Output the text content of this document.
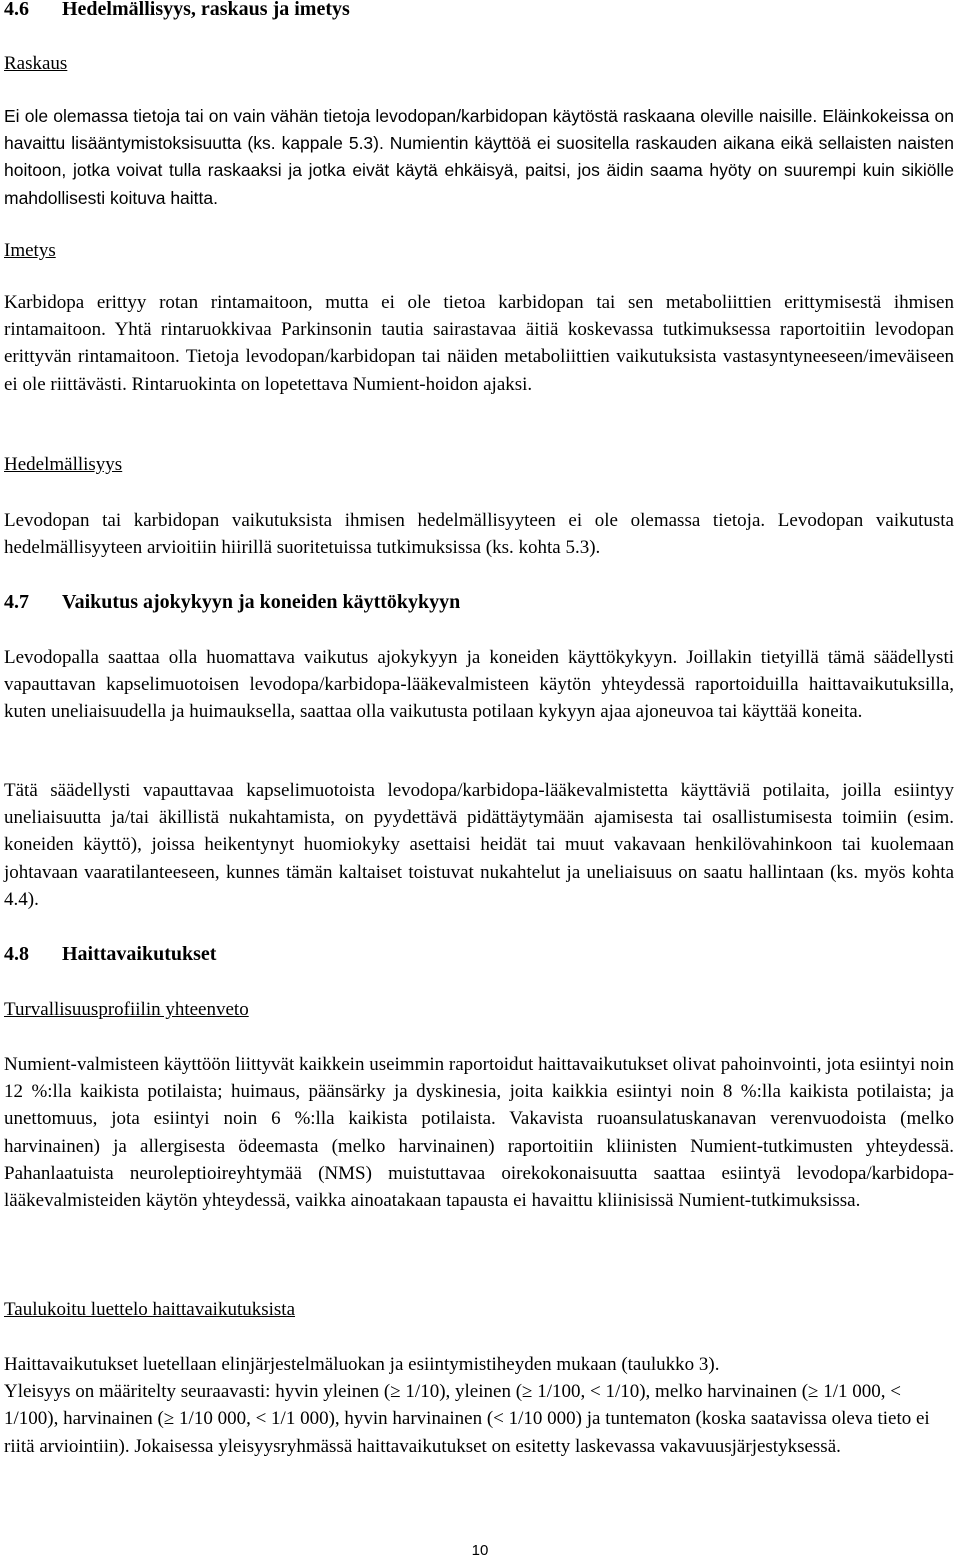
4.6 Hedelmällisyys, raskaus ja imetys
Raskaus

Ei ole olemassa tietoja tai on vain vähän tietoja levodopan/karbidopan käytöstä raskaana oleville naisille. Eläinkokeissa on havaittu lisääntymistoksisuutta (ks. kappale 5.3). Numientin käyttöä ei suositella raskauden aikana eikä sellaisten naisten hoitoon, jotka voivat tulla raskaaksi ja jotka eivät käytä ehkäisyä, paitsi, jos äidin saama hyöty on suurempi kuin sikiölle mahdollisesti koituva haitta.

Imetys

Karbidopa erittyy rotan rintamaitoon, mutta ei ole tietoa karbidopan tai sen metaboliittien erittymisestä ihmisen rintamaitoon. Yhtä rintaruokkivaa Parkinsonin tautia sairastavaa äitiä koskevassa tutkimuksessa raportoitiin levodopan erittyvän rintamaitoon. Tietoja levodopan/karbidopan tai näiden metaboliittien vaikutuksista vastasyntyneeseen/imeväiseen ei ole riittävästi. Rintaruokinta on lopetettava Numient-hoidon ajaksi.

Hedelmällisyys

Levodopan tai karbidopan vaikutuksista ihmisen hedelmällisyyteen ei ole olemassa tietoja. Levodopan vaikutusta hedelmällisyyteen arvioitiin hiirillä suoritetuissa tutkimuksissa (ks. kohta 5.3).

4.7 Vaikutus ajokykyyn ja koneiden käyttökykyyn

Levodopalla saattaa olla huomattava vaikutus ajokykyyn ja koneiden käyttökykyyn. Joillakin tietyillä tämä säädellysti vapauttavan kapselimuotoisen levodopa/karbidopa-lääkevalmisteen käytön yhteydessä raportoiduilla haittavaikutuksilla, kuten uneliaisuudella ja huimauksella, saattaa olla vaikutusta potilaan kykyyn ajaa ajoneuvoa tai käyttää koneita.

Tätä säädellysti vapauttavaa kapselimuotoista levodopa/karbidopa-lääkevalmistetta käyttäviä potilaita, joilla esiintyy uneliaisuutta ja/tai äkillistä nukahtamista, on pyydettävä pidättäytymään ajamisesta tai osallistumisesta toimiin (esim. koneiden käyttö), joissa heikentynyt huomiokyky asettaisi heidät tai muut vakavaan henkilövahinkoon tai kuolemaan johtavaan vaaratilanteeseen, kunnes tämän kaltaiset toistuvat nukahtelut ja uneliaisuus on saatu hallintaan (ks. myös kohta 4.4).

4.8 Haittavaikutukset
Turvallisuusprofiilin yhteenveto

Numient-valmisteen käyttöön liittyvät kaikkein useimmin raportoidut haittavaikutukset olivat pahoinvointi, jota esiintyi noin 12 %:lla kaikista potilaista; huimaus, päänsärky ja dyskinesia, joita kaikkia esiintyi noin 8 %:lla kaikista potilaista; ja unettomuus, jota esiintyi noin 6 %:lla kaikista potilaista. Vakavista ruoansulatuskanavan verenvuodoista (melko harvinainen) ja allergisesta ödeemasta (melko harvinainen) raportoitiin kliinisten Numient-tutkimusten yhteydessä. Pahanlaatuista neuroleptioireyhtymää (NMS) muistuttavaa oirekokonaisuutta saattaa esiintyä levodopa/karbidopa-lääkevalmisteiden käytön yhteydessä, vaikka ainoatakaan tapausta ei havaittu kliinisissä Numient-tutkimuksissa.

Taulukoitu luettelo haittavaikutuksista

Haittavaikutukset luetellaan elinjärjestelmäluokan ja esiintymistiheyden mukaan (taulukko 3).
Yleisyys on määritelty seuraavasti: hyvin yleinen (≥ 1/10), yleinen (≥ 1/100, < 1/10), melko harvinainen (≥ 1/1 000, < 1/100), harvinainen (≥ 1/10 000, < 1/1 000), hyvin harvinainen (< 1/10 000) ja tuntematon (koska saatavissa oleva tieto ei riitä arviointiin). Jokaisessa yleisyysryhmässä haittavaikutukset on esitetty laskevassa vakavuusjärjestyksessä.

10
